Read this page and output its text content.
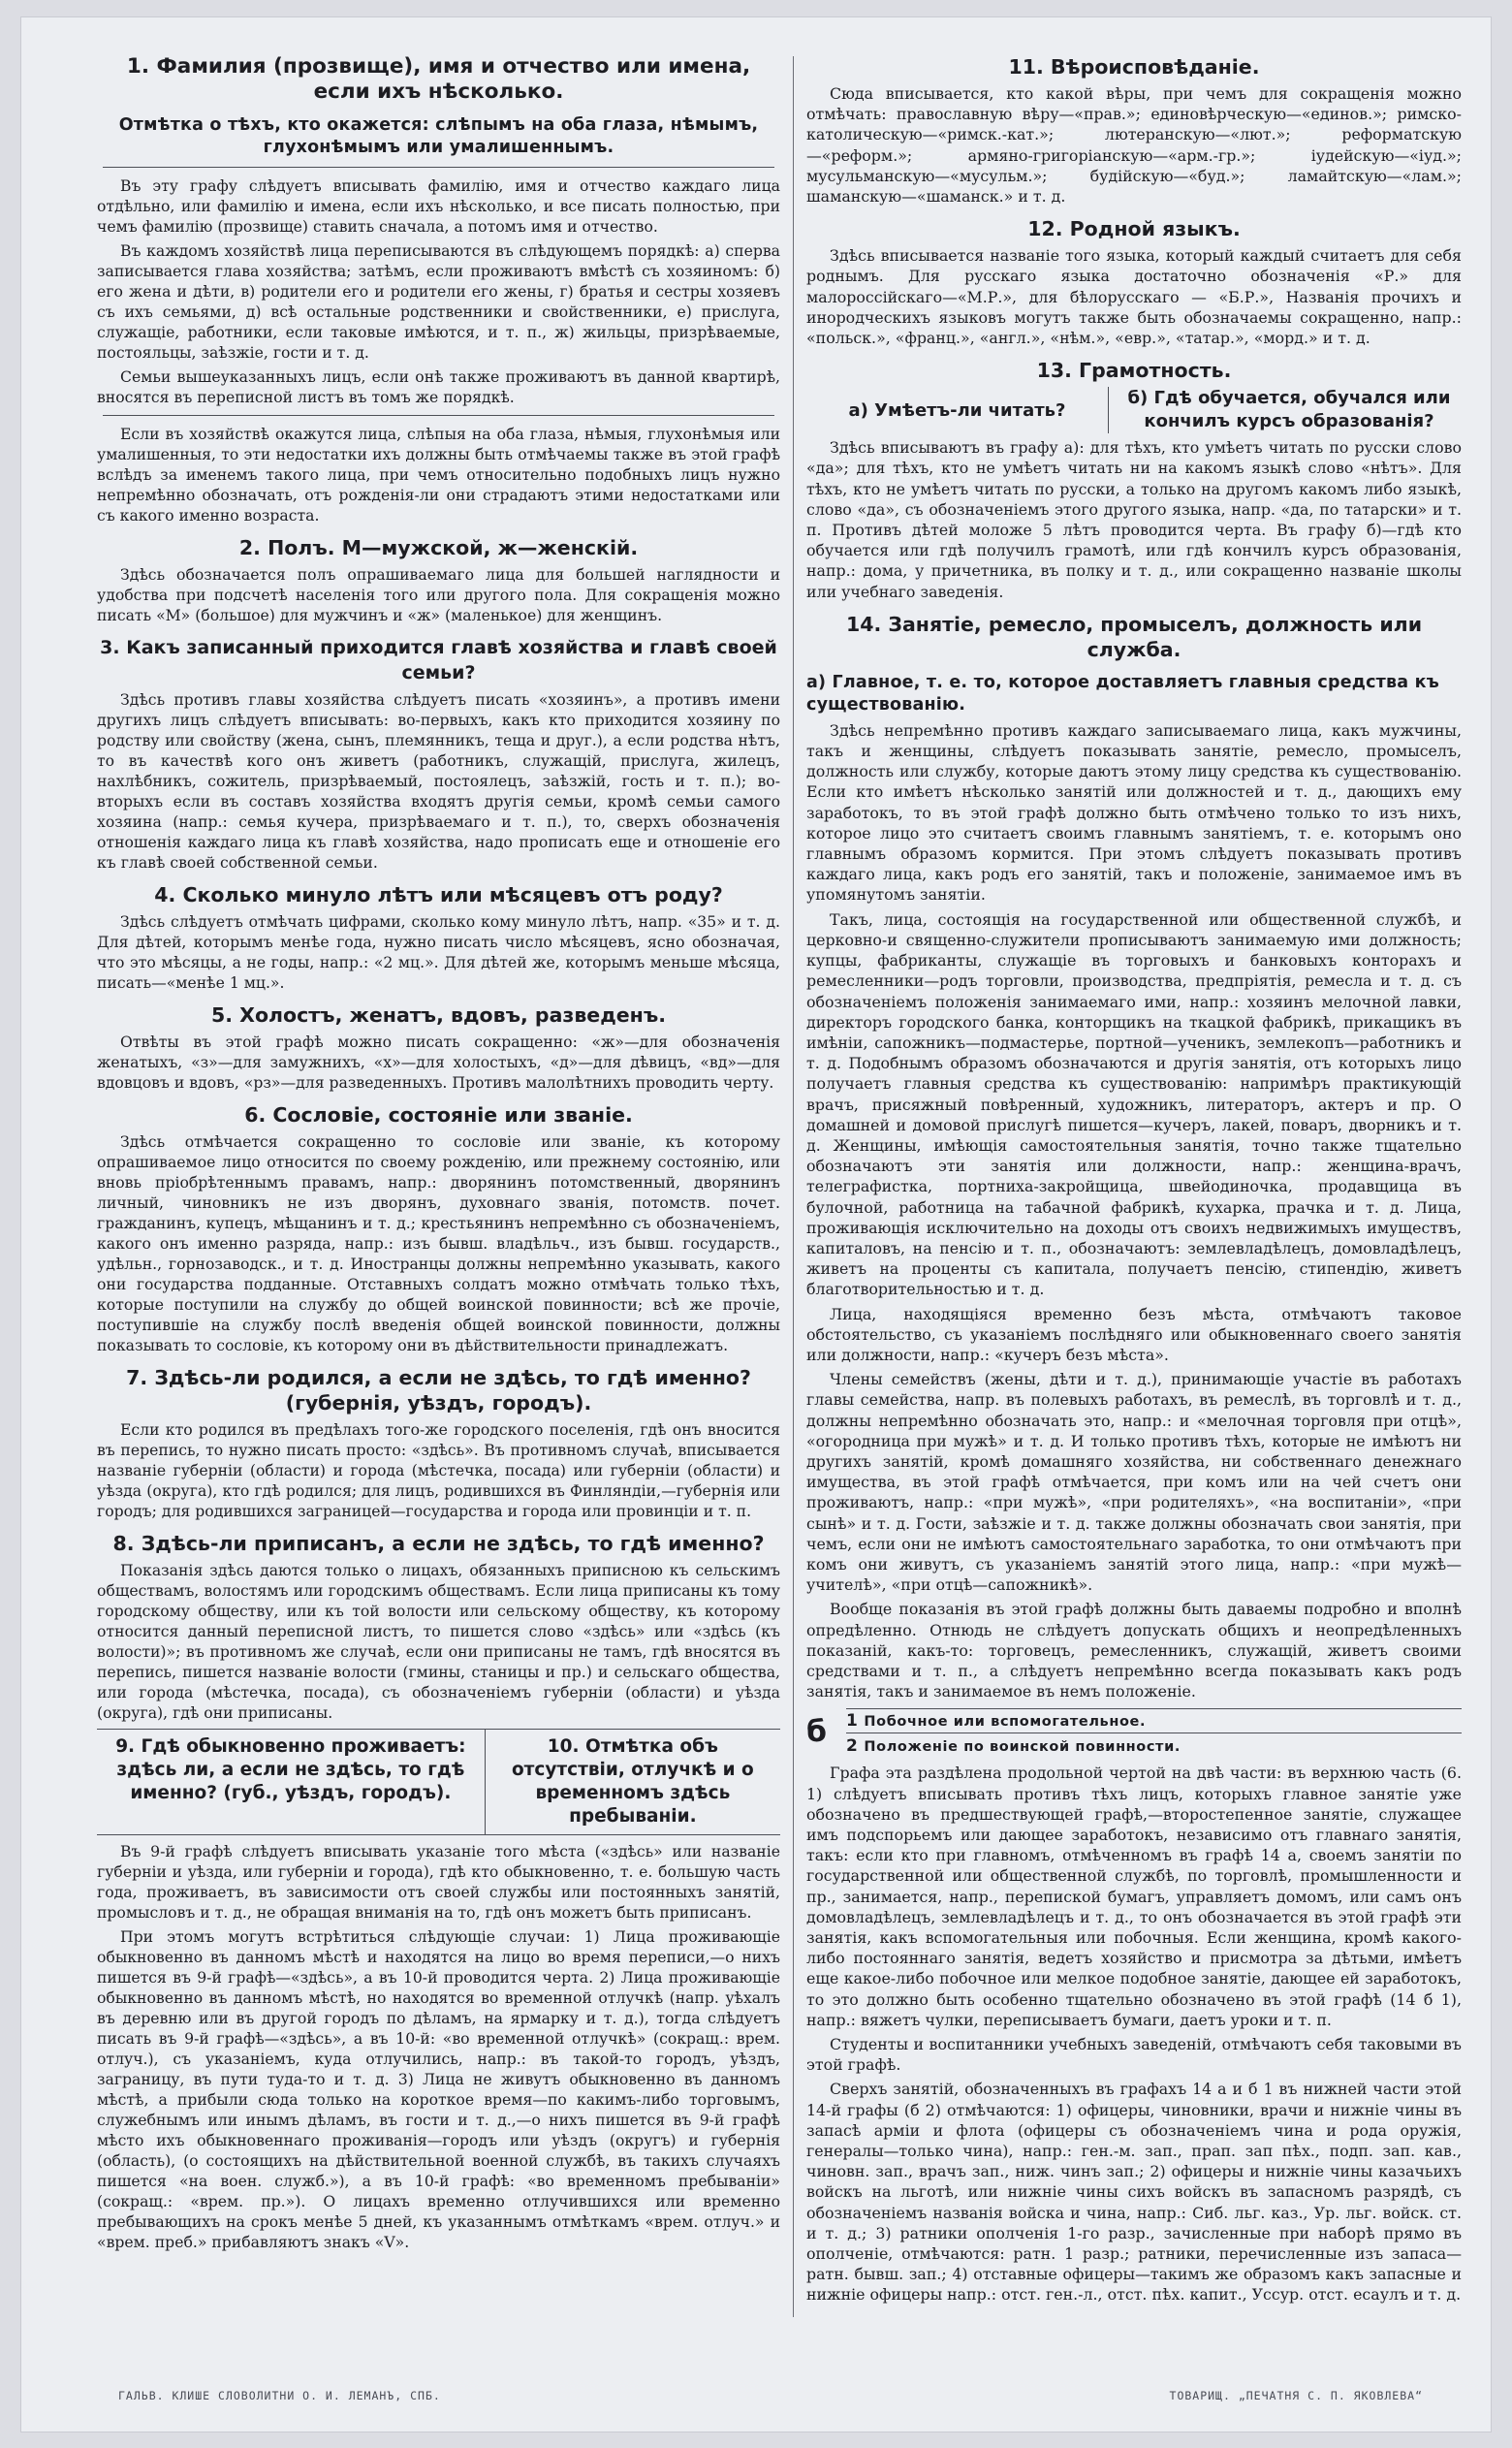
1. Фамилия (прозвище), имя и отчество или имена, если ихъ нѣсколько.
Отмѣтка о тѣхъ, кто окажется: слѣпымъ на оба глаза, нѣмымъ, глухонѣмымъ или умалишеннымъ.

Въ эту графу слѣдуетъ вписывать фамилію, имя и отчество каждаго лица отдѣльно, или фамилію и имена, если ихъ нѣсколько, и все писать полностью, при чемъ фамилію (прозвище) ставить сначала, а потомъ имя и отчество.

Въ каждомъ хозяйствѣ лица переписываются въ слѣдующемъ порядкѣ: а) сперва записывается глава хозяйства; затѣмъ, если проживаютъ вмѣстѣ съ хозяиномъ: б) его жена и дѣти, в) родители его и родители его жены, г) братья и сестры хозяевъ съ ихъ семьями, д) всѣ остальные родственники и свойственники, е) прислуга, служащіе, работники, если таковые имѣются, и т. п., ж) жильцы, призрѣваемые, постояльцы, заѣзжіе, гости и т. д.

Семьи вышеуказанныхъ лицъ, если онѣ также проживаютъ въ данной квартирѣ, вносятся въ переписной листъ въ томъ же порядкѣ.

Если въ хозяйствѣ окажутся лица, слѣпыя на оба глаза, нѣмыя, глухонѣмыя или умалишенныя, то эти недостатки ихъ должны быть отмѣчаемы также въ этой графѣ вслѣдъ за именемъ такого лица, при чемъ относительно подобныхъ лицъ нужно непремѣнно обозначать, отъ рожденія-ли они страдаютъ этими недостатками или съ какого именно возраста.

2. Полъ. М—мужской, ж—женскій.

Здѣсь обозначается полъ опрашиваемаго лица для большей наглядности и удобства при подсчетѣ населенія того или другого пола. Для сокращенія можно писать «М» (большое) для мужчинъ и «ж» (маленькое) для женщинъ.

3. Какъ записанный приходится главѣ хозяйства и главѣ своей семьи?

Здѣсь противъ главы хозяйства слѣдуетъ писать «хозяинъ», а противъ имени другихъ лицъ слѣдуетъ вписывать: во-первыхъ, какъ кто приходится хозяину по родству или свойству (жена, сынъ, племянникъ, теща и друг.), а если родства нѣтъ, то въ качествѣ кого онъ живетъ (работникъ, служащій, прислуга, жилецъ, нахлѣбникъ, сожитель, призрѣваемый, постоялецъ, заѣзжій, гость и т. п.); во-вторыхъ если въ составъ хозяйства входятъ другія семьи, кромѣ семьи самого хозяина (напр.: семья кучера, призрѣваемаго и т. п.), то, сверхъ обозначенія отношенія каждаго лица къ главѣ хозяйства, надо прописать еще и отношеніе его къ главѣ своей собственной семьи.

4. Сколько минуло лѣтъ или мѣсяцевъ отъ роду?

Здѣсь слѣдуетъ отмѣчать цифрами, сколько кому минуло лѣтъ, напр. «35» и т. д. Для дѣтей, которымъ менѣе года, нужно писать число мѣсяцевъ, ясно обозначая, что это мѣсяцы, а не годы, напр.: «2 мц.». Для дѣтей же, которымъ меньше мѣсяца, писать—«менѣе 1 мц.».

5. Холостъ, женатъ, вдовъ, разведенъ.

Отвѣты въ этой графѣ можно писать сокращенно: «ж»—для обозначенія женатыхъ, «з»—для замужнихъ, «х»—для холостыхъ, «д»—для дѣвицъ, «вд»—для вдовцовъ и вдовъ, «рз»—для разведенныхъ. Противъ малолѣтнихъ проводить черту.

6. Сословіе, состояніе или званіе.

Здѣсь отмѣчается сокращенно то сословіе или званіе, къ которому опрашиваемое лицо относится по своему рожденію, или прежнему состоянію, или вновь пріобрѣтеннымъ правамъ, напр.: дворянинъ потомственный, дворянинъ личный, чиновникъ не изъ дворянъ, духовнаго званія, потомств. почет. гражданинъ, купецъ, мѣщанинъ и т. д.; крестьянинъ непремѣнно съ обозначеніемъ, какого онъ именно разряда, напр.: изъ бывш. владѣльч., изъ бывш. государств., удѣльн., горнозаводск., и т. д. Иностранцы должны непремѣнно указывать, какого они государства подданные. Отставныхъ солдатъ можно отмѣчать только тѣхъ, которые поступили на службу до общей воинской повинности; всѣ же прочіе, поступившіе на службу послѣ введенія общей воинской повинности, должны показывать то сословіе, къ которому они въ дѣйствительности принадлежатъ.

7. Здѣсь-ли родился, а если не здѣсь, то гдѣ именно? (губернія, уѣздъ, городъ).

Если кто родился въ предѣлахъ того-же городского поселенія, гдѣ онъ вносится въ перепись, то нужно писать просто: «здѣсь». Въ противномъ случаѣ, вписывается названіе губерніи (области) и города (мѣстечка, посада) или губерніи (области) и уѣзда (округа), кто гдѣ родился; для лицъ, родившихся въ Финляндіи,—губернія или городъ; для родившихся заграницей—государства и города или провинціи и т. п.

8. Здѣсь-ли приписанъ, а если не здѣсь, то гдѣ именно?

Показанія здѣсь даются только о лицахъ, обязанныхъ приписною къ сельскимъ обществамъ, волостямъ или городскимъ обществамъ. Если лица приписаны къ тому городскому обществу, или къ той волости или сельскому обществу, къ которому относится данный переписной листъ, то пишется слово «здѣсь» или «здѣсь (къ волости)»; въ противномъ же случаѣ, если они приписаны не тамъ, гдѣ вносятся въ перепись, пишется названіе волости (гмины, станицы и пр.) и сельскаго общества, или города (мѣстечка, посада), съ обозначеніемъ губерніи (области) и уѣзда (округа), гдѣ они приписаны.

9. Гдѣ обыкновенно проживаетъ: здѣсь ли, а если не здѣсь, то гдѣ именно? (губ., уѣздъ, городъ).
10. Отмѣтка объ отсутствіи, отлучкѣ и о временномъ здѣсь пребываніи.

Въ 9-й графѣ слѣдуетъ вписывать указаніе того мѣста («здѣсь» или названіе губерніи и уѣзда, или губерніи и города), гдѣ кто обыкновенно, т. е. большую часть года, проживаетъ, въ зависимости отъ своей службы или постоянныхъ занятій, промысловъ и т. д., не обращая вниманія на то, гдѣ онъ можетъ быть приписанъ.

При этомъ могутъ встрѣтиться слѣдующіе случаи: 1) Лица проживающіе обыкновенно въ данномъ мѣстѣ и находятся на лицо во время переписи,—о нихъ пишется въ 9-й графѣ—«здѣсь», а въ 10-й проводится черта. 2) Лица проживающіе обыкновенно въ данномъ мѣстѣ, но находятся во временной отлучкѣ (напр. уѣхалъ въ деревню или въ другой городъ по дѣламъ, на ярмарку и т. д.), тогда слѣдуетъ писать въ 9-й графѣ—«здѣсь», а въ 10-й: «во временной отлучкѣ» (сокращ.: врем. отлуч.), съ указаніемъ, куда отлучились, напр.: въ такой-то городъ, уѣздъ, заграницу, въ пути туда-то и т. д. 3) Лица не живутъ обыкновенно въ данномъ мѣстѣ, а прибыли сюда только на короткое время—по какимъ-либо торговымъ, служебнымъ или инымъ дѣламъ, въ гости и т. д.,—о нихъ пишется въ 9-й графѣ мѣсто ихъ обыкновеннаго проживанія—городъ или уѣздъ (округъ) и губернія (область), (о состоящихъ на дѣйствительной военной службѣ, въ такихъ случаяхъ пишется «на воен. служб.»), а въ 10-й графѣ: «во временномъ пребываніи» (сокращ.: «врем. пр.»). О лицахъ временно отлучившихся или временно пребывающихъ на срокъ менѣе 5 дней, къ указаннымъ отмѣткамъ «врем. отлуч.» и «врем. преб.» прибавляютъ знакъ «V».

11. Вѣроисповѣданіе.

Сюда вписывается, кто какой вѣры, при чемъ для сокращенія можно отмѣчать: православную вѣру—«прав.»; единовѣрческую—«единов.»; римско-католическую—«римск.-кат.»; лютеранскую—«лют.»; реформатскую—«реформ.»; армяно-григоріанскую—«арм.-гр.»; іудейскую—«іуд.»; мусульманскую—«мусульм.»; будійскую—«буд.»; ламайтскую—«лам.»; шаманскую—«шаманск.» и т. д.

12. Родной языкъ.

Здѣсь вписывается названіе того языка, который каждый считаетъ для себя роднымъ. Для русскаго языка достаточно обозначенія «Р.» для малороссійскаго—«М.Р.», для бѣлорусскаго — «Б.Р.», Названія прочихъ и инородческихъ языковъ могутъ также быть обозначаемы сокращенно, напр.: «польск.», «франц.», «англ.», «нѣм.», «евр.», «татар.», «морд.» и т. д.

13. Грамотность.
а) Умѣетъ-ли читать?
б) Гдѣ обучается, обучался или кончилъ курсъ образованія?

Здѣсь вписываютъ въ графу а): для тѣхъ, кто умѣетъ читать по русски слово «да»; для тѣхъ, кто не умѣетъ читать ни на какомъ языкѣ слово «нѣтъ». Для тѣхъ, кто не умѣетъ читать по русски, а только на другомъ какомъ либо языкѣ, слово «да», съ обозначеніемъ этого другого языка, напр. «да, по татарски» и т. п. Противъ дѣтей моложе 5 лѣтъ проводится черта. Въ графу б)—гдѣ кто обучается или гдѣ получилъ грамотѣ, или гдѣ кончилъ курсъ образованія, напр.: дома, у причетника, въ полку и т. д., или сокращенно названіе школы или учебнаго заведенія.

14. Занятіе, ремесло, промыселъ, должность или служба.
а) Главное, т. е. то, которое доставляетъ главныя средства къ существованію.

Здѣсь непремѣнно противъ каждаго записываемаго лица, какъ мужчины, такъ и женщины, слѣдуетъ показывать занятіе, ремесло, промыселъ, должность или службу, которые даютъ этому лицу средства къ существованію. Если кто имѣетъ нѣсколько занятій или должностей и т. д., дающихъ ему заработокъ, то въ этой графѣ должно быть отмѣчено только то изъ нихъ, которое лицо это считаетъ своимъ главнымъ занятіемъ, т. е. которымъ оно главнымъ образомъ кормится. При этомъ слѣдуетъ показывать противъ каждаго лица, какъ родъ его занятій, такъ и положеніе, занимаемое имъ въ упомянутомъ занятіи.

Такъ, лица, состоящія на государственной или общественной службѣ, и церковно-и священно-служители прописываютъ занимаемую ими должность; купцы, фабриканты, служащіе въ торговыхъ и банковыхъ конторахъ и ремесленники—родъ торговли, производства, предпріятія, ремесла и т. д. съ обозначеніемъ положенія занимаемаго ими, напр.: хозяинъ мелочной лавки, директоръ городского банка, конторщикъ на ткацкой фабрикѣ, прикащикъ въ имѣніи, сапожникъ—подмастерье, портной—ученикъ, землекопъ—работникъ и т. д. Подобнымъ образомъ обозначаются и другія занятія, отъ которыхъ лицо получаетъ главныя средства къ существованію: напримѣръ практикующій врачъ, присяжный повѣренный, художникъ, литераторъ, актеръ и пр. О домашней и домовой прислугѣ пишется—кучеръ, лакей, поваръ, дворникъ и т. д. Женщины, имѣющія самостоятельныя занятія, точно также тщательно обозначаютъ эти занятія или должности, напр.: женщина-врачъ, телеграфистка, портниха-закройщица, швейодиночка, продавщица въ булочной, работница на табачной фабрикѣ, кухарка, прачка и т. д. Лица, проживающія исключительно на доходы отъ своихъ недвижимыхъ имуществъ, капиталовъ, на пенсію и т. п., обозначаютъ: землевладѣлецъ, домовладѣлецъ, живетъ на проценты съ капитала, получаетъ пенсію, стипендію, живетъ благотворительностью и т. д.

Лица, находящіяся временно безъ мѣста, отмѣчаютъ таковое обстоятельство, съ указаніемъ послѣдняго или обыкновеннаго своего занятія или должности, напр.: «кучеръ безъ мѣста».

Члены семействъ (жены, дѣти и т. д.), принимающіе участіе въ работахъ главы семейства, напр. въ полевыхъ работахъ, въ ремеслѣ, въ торговлѣ и т. д., должны непремѣнно обозначать это, напр.: и «мелочная торговля при отцѣ», «огородница при мужѣ» и т. д. И только противъ тѣхъ, которые не имѣютъ ни другихъ занятій, кромѣ домашняго хозяйства, ни собственнаго денежнаго имущества, въ этой графѣ отмѣчается, при комъ или на чей счетъ они проживаютъ, напр.: «при мужѣ», «при родителяхъ», «на воспитаніи», «при сынѣ» и т. д. Гости, заѣзжіе и т. д. также должны обозначать свои занятія, при чемъ, если они не имѣютъ самостоятельнаго заработка, то они отмѣчаютъ при комъ они живутъ, съ указаніемъ занятій этого лица, напр.: «при мужѣ—учителѣ», «при отцѣ—сапожникѣ».

Вообще показанія въ этой графѣ должны быть даваемы подробно и вполнѣ опредѣленно. Отнюдь не слѣдуетъ допускать общихъ и неопредѣленныхъ показаній, какъ-то: торговецъ, ремесленникъ, служащій, живетъ своими средствами и т. п., а слѣдуетъ непремѣнно всегда показывать какъ родъ занятія, такъ и занимаемое въ немъ положеніе.

б 1 Побочное или вспомогательное.
2 Положеніе по воинской повинности.

Графа эта раздѣлена продольной чертой на двѣ части: въ верхнюю часть (6. 1) слѣдуетъ вписывать противъ тѣхъ лицъ, которыхъ главное занятіе уже обозначено въ предшествующей графѣ,—второстепенное занятіе, служащее имъ подспорьемъ или дающее заработокъ, независимо отъ главнаго занятія, такъ: если кто при главномъ, отмѣченномъ въ графѣ 14 а, своемъ занятіи по государственной или общественной службѣ, по торговлѣ, промышленности и пр., занимается, напр., перепиской бумагъ, управляетъ домомъ, или самъ онъ домовладѣлецъ, землевладѣлецъ и т. д., то онъ обозначается въ этой графѣ эти занятія, какъ вспомогательныя или побочныя. Если женщина, кромѣ какого-либо постояннаго занятія, ведетъ хозяйство и присмотра за дѣтьми, имѣетъ еще какое-либо побочное или мелкое подобное занятіе, дающее ей заработокъ, то это должно быть особенно тщательно обозначено въ этой графѣ (14 б 1), напр.: вяжетъ чулки, переписываетъ бумаги, даетъ уроки и т. п.

Студенты и воспитанники учебныхъ заведеній, отмѣчаютъ себя таковыми въ этой графѣ.

Сверхъ занятій, обозначенныхъ въ графахъ 14 а и б 1 въ нижней части этой 14-й графы (б 2) отмѣчаются: 1) офицеры, чиновники, врачи и нижніе чины въ запасѣ арміи и флота (офицеры съ обозначеніемъ чина и рода оружія, генералы—только чина), напр.: ген.-м. зап., прап. зап пѣх., подп. зап. кав., чиновн. зап., врачъ зап., ниж. чинъ зап.; 2) офицеры и нижніе чины казачьихъ войскъ на льготѣ, или нижніе чины сихъ войскъ въ запасномъ разрядѣ, съ обозначеніемъ названія войска и чина, напр.: Сиб. льг. каз., Ур. льг. войск. ст. и т. д.; 3) ратники ополченія 1-го разр., зачисленные при наборѣ прямо въ ополченіе, отмѣчаются: ратн. 1 разр.; ратники, перечисленные изъ запаса—ратн. бывш. зап.; 4) отставные офицеры—такимъ же образомъ какъ запасные и нижніе офицеры напр.: отст. ген.-л., отст. пѣх. капит., Уссур. отст. есаулъ и т. д.

ГАЛЬВ. КЛИШЕ СЛОВОЛИТНИ О. И. ЛЕМАНЪ, СПБ.	ТОВАРИЩ. „ПЕЧАТНЯ С. П. ЯКОВЛЕВА“
